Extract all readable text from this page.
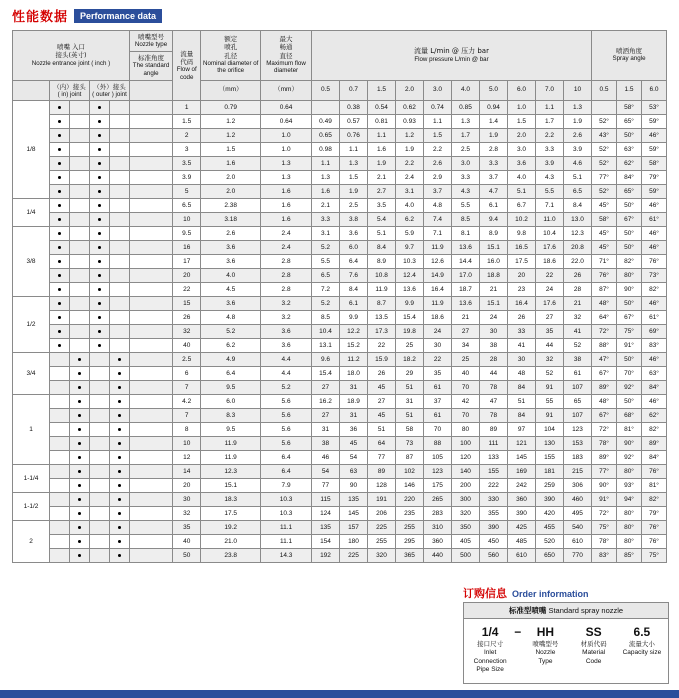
性能数据	Performance data
喷嘴 入口
接头(英寸)
Nozzle entrance joint ( inch )					喷嘴型号
Nozzle type	流量
代码
Flow of code	额定
喷孔
孔径
Nominal diameter of the orifice	最大
畅通
直径
Maximum flow diameter	流量 L/min @ 压力 bar
Flow pressure L/min @ bar										喷洒角度
Spray angle		

					标准角度
The standard angle																

	（内）接头
( in) joint		（外）接头
( outer ) joint				（mm）	（mm）	0.5	0.7	1.5	2.0	3.0	4.0	5.0	6.0	7.0	10	0.5	1.5	6.0
1/8						1	0.79	0.64		0.38	0.54	0.62	0.74	0.85	0.94	1.0	1.1	1.3		58°	53°
						1.5	1.2	0.64	0.49	0.57	0.81	0.93	1.1	1.3	1.4	1.5	1.7	1.9	52°	65°	59°
						2	1.2	1.0	0.65	0.76	1.1	1.2	1.5	1.7	1.9	2.0	2.2	2.6	43°	50°	46°
						3	1.5	1.0	0.98	1.1	1.6	1.9	2.2	2.5	2.8	3.0	3.3	3.9	52°	63°	59°
						3.5	1.6	1.3	1.1	1.3	1.9	2.2	2.6	3.0	3.3	3.6	3.9	4.6	52°	62°	58°
						3.9	2.0	1.3	1.3	1.5	2.1	2.4	2.9	3.3	3.7	4.0	4.3	5.1	77°	84°	79°
						5	2.0	1.6	1.6	1.9	2.7	3.1	3.7	4.3	4.7	5.1	5.5	6.5	52°	65°	59°
1/4						6.5	2.38	1.6	2.1	2.5	3.5	4.0	4.8	5.5	6.1	6.7	7.1	8.4	45°	50°	46°
						10	3.18	1.6	3.3	3.8	5.4	6.2	7.4	8.5	9.4	10.2	11.0	13.0	58°	67°	61°
3/8						9.5	2.6	2.4	3.1	3.6	5.1	5.9	7.1	8.1	8.9	9.8	10.4	12.3	45°	50°	46°
						16	3.6	2.4	5.2	6.0	8.4	9.7	11.9	13.6	15.1	16.5	17.6	20.8	45°	50°	46°
						17	3.6	2.8	5.5	6.4	8.9	10.3	12.6	14.4	16.0	17.5	18.6	22.0	71°	82°	76°
						20	4.0	2.8	6.5	7.6	10.8	12.4	14.9	17.0	18.8	20	22	26	76°	80°	73°
						22	4.5	2.8	7.2	8.4	11.9	13.6	16.4	18.7	21	23	24	28	87°	90°	82°
1/2						15	3.6	3.2	5.2	6.1	8.7	9.9	11.9	13.6	15.1	16.4	17.6	21	48°	50°	46°
						26	4.8	3.2	8.5	9.9	13.5	15.4	18.6	21	24	26	27	32	64°	67°	61°
						32	5.2	3.6	10.4	12.2	17.3	19.8	24	27	30	33	35	41	72°	75°	69°
						40	6.2	3.6	13.1	15.2	22	25	30	34	38	41	44	52	88°	91°	83°
3/4						2.5	4.9	4.4	9.6	11.2	15.9	18.2	22	25	28	30	32	38	47°	50°	46°
						6	6.4	4.4	15.4	18.0	26	29	35	40	44	48	52	61	67°	70°	63°
						7	9.5	5.2	27	31	45	51	61	70	78	84	91	107	89°	92°	84°
1						4.2	6.0	5.6	16.2	18.9	27	31	37	42	47	51	55	65	48°	50°	46°
						7	8.3	5.6	27	31	45	51	61	70	78	84	91	107	67°	68°	62°
						8	9.5	5.6	31	36	51	58	70	80	89	97	104	123	72°	81°	82°
						10	11.9	5.6	38	45	64	73	88	100	111	121	130	153	78°	90°	89°
						12	11.9	6.4	46	54	77	87	105	120	133	145	155	183	89°	92°	84°
1-1/4						14	12.3	6.4	54	63	89	102	123	140	155	169	181	215	77°	80°	76°
						20	15.1	7.9	77	90	128	146	175	200	222	242	259	306	90°	93°	81°
1-1/2						30	18.3	10.3	115	135	191	220	265	300	330	360	390	460	91°	94°	82°
						32	17.5	10.3	124	145	206	235	283	320	355	390	420	495	72°	80°	79°
2						35	19.2	11.1	135	157	225	255	310	350	390	425	455	540	75°	80°	76°
						40	21.0	11.1	154	180	255	295	360	405	450	485	520	610	78°	80°	76°
						50	23.8	14.3	192	225	320	365	440	500	560	610	650	770	83°	85°	75°
订购信息 Order information
标准型喷嘴 Standard spray nozzle
1/4
接口尺寸
Inlet
Connection
Pipe Size
−	HH
喷嘴型号
Nozzle
Type
SS
材质代码
Material
Code
6.5
流量大小
Capacity size
